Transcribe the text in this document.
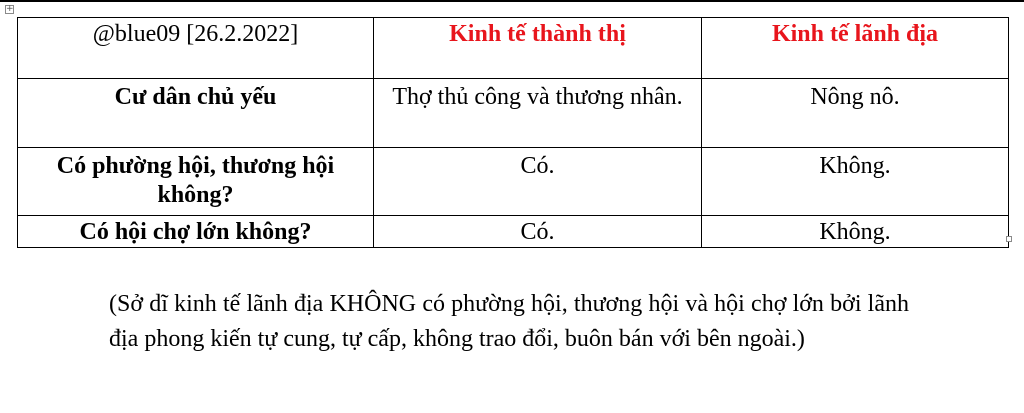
+
@blue09 [26.2.2022]	Kinh tế thành thị	Kinh tế lãnh địa
Cư dân chủ yếu	Thợ thủ công và thương nhân.	Nông nô.
Có phường hội, thương hội không?	Có.	Không.
Có hội chợ lớn không?	Có.	Không.
(Sở dĩ kinh tế lãnh địa KHÔNG có phường hội, thương hội và hội chợ lớn bởi lãnh địa phong kiến tự cung, tự cấp, không trao đổi, buôn bán với bên ngoài.)
